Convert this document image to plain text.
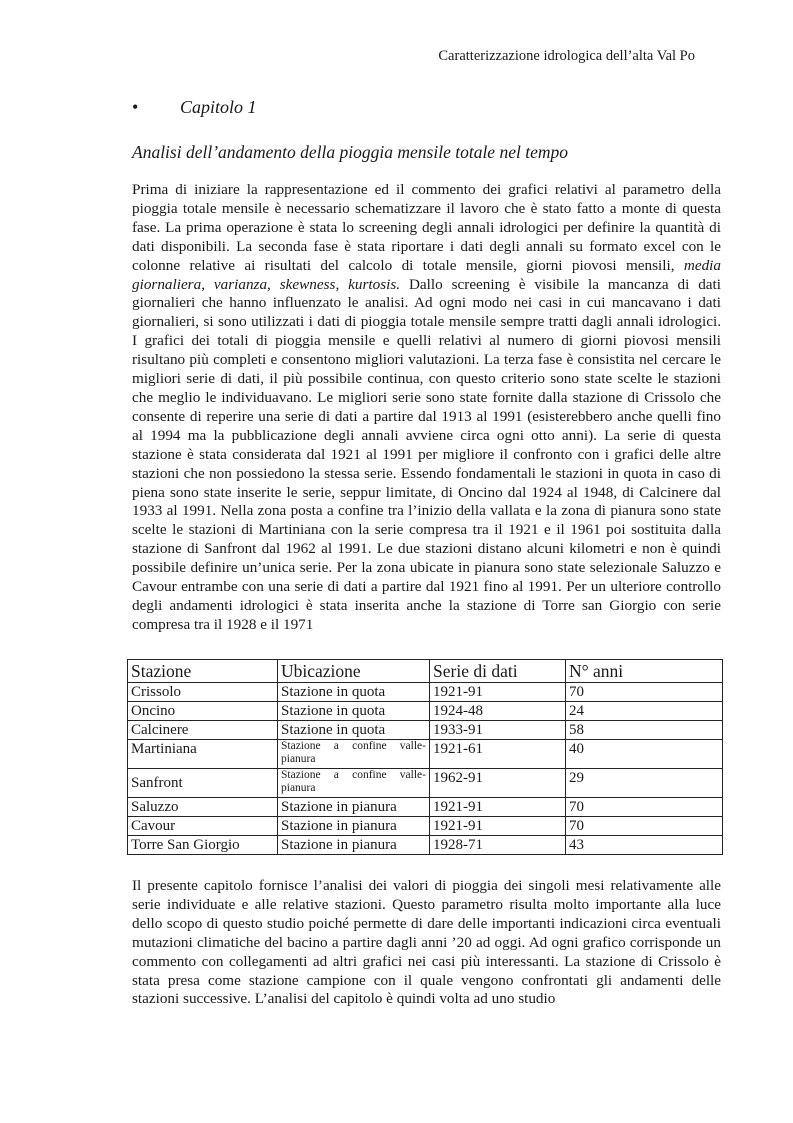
Caratterizzazione idrologica dell’alta Val Po
• Capitolo 1
Analisi dell’andamento della pioggia mensile totale nel tempo

Prima di iniziare la rappresentazione ed il commento dei grafici relativi al parametro della pioggia totale mensile è necessario schematizzare il lavoro che è stato fatto a monte di questa fase. La prima operazione è stata lo screening degli annali idrologici per definire la quantità di dati disponibili. La seconda fase è stata riportare i dati degli annali su formato excel con le colonne relative ai risultati del calcolo di totale mensile, giorni piovosi mensili, media giornaliera, varianza, skewness, kurtosis. Dallo screening è visibile la mancanza di dati giornalieri che hanno influenzato le analisi. Ad ogni modo nei casi in cui mancavano i dati giornalieri, si sono utilizzati i dati di pioggia totale mensile sempre tratti dagli annali idrologici. I grafici dei totali di pioggia mensile e quelli relativi al numero di giorni piovosi mensili risultano più completi e consentono migliori valutazioni. La terza fase è consistita nel cercare le migliori serie di dati, il più possibile continua, con questo criterio sono state scelte le stazioni che meglio le individuavano. Le migliori serie sono state fornite dalla stazione di Crissolo che consente di reperire una serie di dati a partire dal 1913 al 1991 (esisterebbero anche quelli fino al 1994 ma la pubblicazione degli annali avviene circa ogni otto anni). La serie di questa stazione è stata considerata dal 1921 al 1991 per migliore il confronto con i grafici delle altre stazioni che non possiedono la stessa serie. Essendo fondamentali le stazioni in quota in caso di piena sono state inserite le serie, seppur limitate, di Oncino dal 1924 al 1948, di Calcinere dal 1933 al 1991. Nella zona posta a confine tra l’inizio della vallata e la zona di pianura sono state scelte le stazioni di Martiniana con la serie compresa tra il 1921 e il 1961 poi sostituita dalla stazione di Sanfront dal 1962 al 1991. Le due stazioni distano alcuni kilometri e non è quindi possibile definire un’unica serie. Per la zona ubicate in pianura sono state selezionale Saluzzo e Cavour entrambe con una serie di dati a partire dal 1921 fino al 1991. Per un ulteriore controllo degli andamenti idrologici è stata inserita anche la stazione di Torre san Giorgio con serie compresa tra il 1928 e il 1971

Stazione	Ubicazione	Serie di dati	N° anni
Crissolo	Stazione in quota	1921-91	70
Oncino	Stazione in quota	1924-48	24
Calcinere	Stazione in quota	1933-91	58
Martiniana	Stazione a confine valle-pianura	1921-61	40
Sanfront	Stazione a confine valle-pianura	1962-91	29
Saluzzo	Stazione in pianura	1921-91	70
Cavour	Stazione in pianura	1921-91	70
Torre San Giorgio	Stazione in pianura	1928-71	43

Il presente capitolo fornisce l’analisi dei valori di pioggia dei singoli mesi relativamente alle serie individuate e alle relative stazioni. Questo parametro risulta molto importante alla luce dello scopo di questo studio poiché permette di dare delle importanti indicazioni circa eventuali mutazioni climatiche del bacino a partire dagli anni ’20 ad oggi. Ad ogni grafico corrisponde un commento con collegamenti ad altri grafici nei casi più interessanti. La stazione di Crissolo è stata presa come stazione campione con il quale vengono confrontati gli andamenti delle stazioni successive. L’analisi del capitolo è quindi volta ad uno studio
